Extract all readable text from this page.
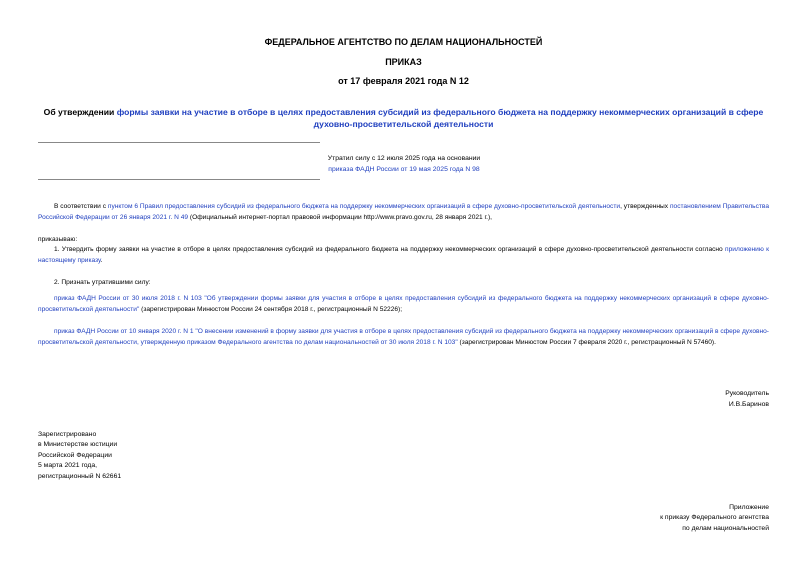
ФЕДЕРАЛЬНОЕ АГЕНТСТВО ПО ДЕЛАМ НАЦИОНАЛЬНОСТЕЙ
ПРИКАЗ
от 17 февраля 2021 года N 12
Об утверждении формы заявки на участие в отборе в целях предоставления субсидий из федерального бюджета на поддержку некоммерческих организаций в сфере духовно-просветительской деятельности
Утратил силу с 12 июля 2025 года на основании
приказа ФАДН России от 19 мая 2025 года N 98
В соответствии с пунктом 6 Правил предоставления субсидий из федерального бюджета на поддержку некоммерческих организаций в сфере духовно-просветительской деятельности, утвержденных постановлением Правительства Российской Федерации от 26 января 2021 г. N 49 (Официальный интернет-портал правовой информации http://www.pravo.gov.ru, 28 января 2021 г.),
приказываю:
1. Утвердить форму заявки на участие в отборе в целях предоставления субсидий из федерального бюджета на поддержку некоммерческих организаций в сфере духовно-просветительской деятельности согласно приложению к настоящему приказу.
2. Признать утратившими силу:
приказ ФАДН России от 30 июля 2018 г. N 103 "Об утверждении формы заявки для участия в отборе в целях предоставления субсидий из федерального бюджета на поддержку некоммерческих организаций в сфере духовно-просветительской деятельности" (зарегистрирован Минюстом России 24 сентября 2018 г., регистрационный N 52226);
приказ ФАДН России от 10 января 2020 г. N 1 "О внесении изменений в форму заявки для участия в отборе в целях предоставления субсидий из федерального бюджета на поддержку некоммерческих организаций в сфере духовно-просветительской деятельности, утвержденную приказом Федерального агентства по делам национальностей от 30 июля 2018 г. N 103" (зарегистрирован Минюстом России 7 февраля 2020 г., регистрационный N 57460).
Руководитель
И.В.Баринов
Зарегистрировано
в Министерстве юстиции
Российской Федерации
5 марта 2021 года,
регистрационный N 62661
Приложение
к приказу Федерального агентства
по делам национальностей
